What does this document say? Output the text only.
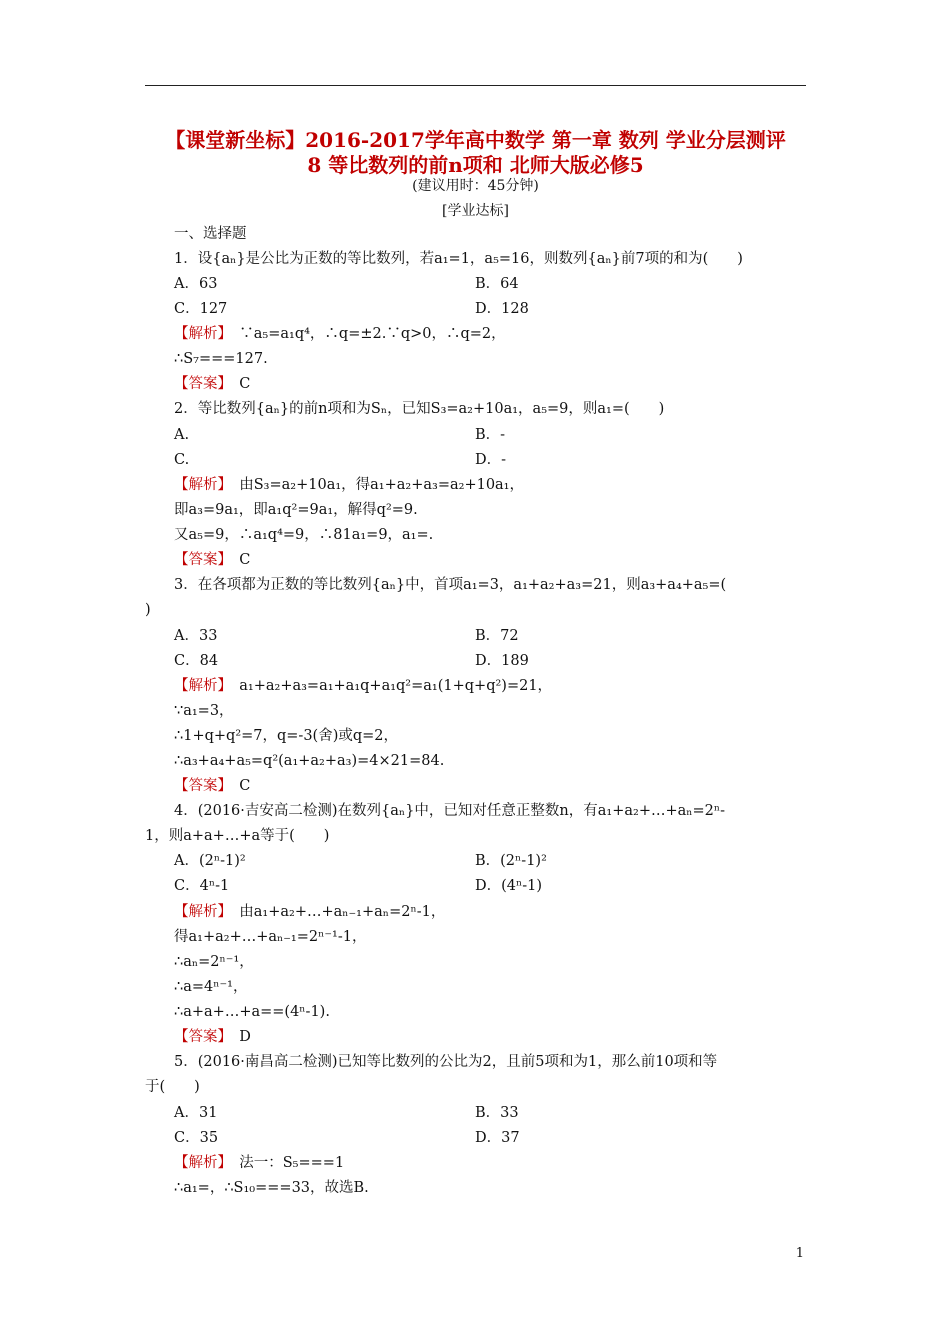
【课堂新坐标】2016-2017学年高中数学 第一章 数列 学业分层测评
8 等比数列的前n项和 北师大版必修5
(建议用时：45分钟)
[学业达标]
一、选择题
1．设{aₙ}是公比为正数的等比数列，若a₁=1，a₅=16，则数列{aₙ}前7项的和为(　　)
A．63	B．64
C．127	D．128
【解析】　 ∵a₅=a₁q⁴，∴q=±2.∵q>0，∴q=2，
∴S₇===127.
【答案】　 C
2．等比数列{aₙ}的前n项和为Sₙ，已知S₃=a₂+10a₁，a₅=9，则a₁=(　　)
A.	B．-
C.	D．-
【解析】　 由S₃=a₂+10a₁，得a₁+a₂+a₃=a₂+10a₁，
即a₃=9a₁，即a₁q²=9a₁，解得q²=9.
又a₅=9，∴a₁q⁴=9，∴81a₁=9，a₁=.
【答案】　 C
3．在各项都为正数的等比数列{aₙ}中，首项a₁=3，a₁+a₂+a₃=21，则a₃+a₄+a₅=(
)
A．33	B．72
C．84	D．189
【解析】　 a₁+a₂+a₃=a₁+a₁q+a₁q²=a₁(1+q+q²)=21，
∵a₁=3，
∴1+q+q²=7，q=-3(舍)或q=2，
∴a₃+a₄+a₅=q²(a₁+a₂+a₃)=4×21=84.
【答案】　 C
4．(2016·吉安高二检测)在数列{aₙ}中，已知对任意正整数n，有a₁+a₂+…+aₙ=2ⁿ-
1，则a+a+…+a等于(　　)
A．(2ⁿ-1)²	B．(2ⁿ-1)²
C．4ⁿ-1	D．(4ⁿ-1)
【解析】　 由a₁+a₂+…+aₙ₋₁+aₙ=2ⁿ-1，
得a₁+a₂+…+aₙ₋₁=2ⁿ⁻¹-1，
∴aₙ=2ⁿ⁻¹，
∴a=4ⁿ⁻¹，
∴a+a+…+a==(4ⁿ-1).
【答案】　 D
5．(2016·南昌高二检测)已知等比数列的公比为2，且前5项和为1，那么前10项和等
于(　　)
A．31	B．33
C．35	D．37
【解析】　 法一：S₅===1
∴a₁=，∴S₁₀===33，故选B.
1
